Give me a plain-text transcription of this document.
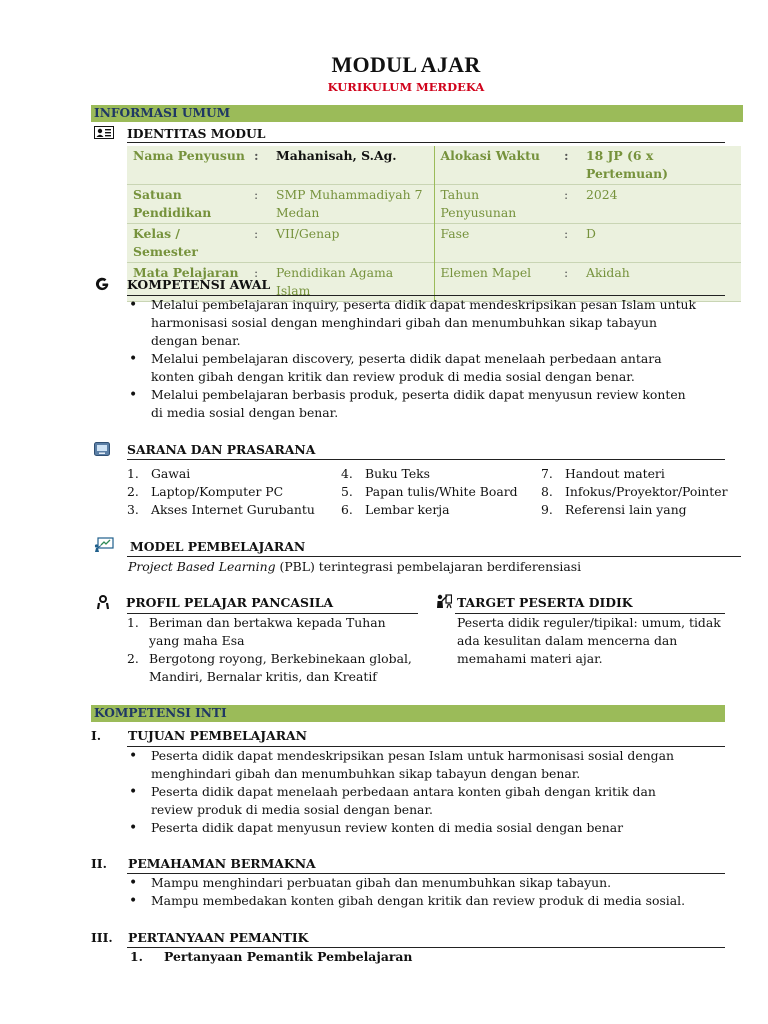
MODUL AJAR
KURIKULUM MERDEKA
INFORMASI UMUM
IDENTITAS MODUL
Nama Penyusun	:	Mahanisah, S.Ag.	Alokasi Waktu	:	18 JP (6 x Pertemuan)
Satuan Pendidikan	:	SMP Muhammadiyah 7 Medan	Tahun Penyusunan	:	2024
Kelas / Semester	:	VII/Genap	Fase	:	D
Mata Pelajaran	:	Pendidikan Agama Islam	Elemen Mapel	:	Akidah
KOMPETENSI AWAL
• Melalui pembelajaran inquiry, peserta didik dapat mendeskripsikan pesan Islam untuk harmonisasi sosial dengan menghindari gibah dan menumbuhkan sikap tabayun dengan benar.
• Melalui pembelajaran discovery, peserta didik dapat menelaah perbedaan antara konten gibah dengan kritik dan review produk di media sosial dengan benar.
• Melalui pembelajaran berbasis produk, peserta didik dapat menyusun review konten di media sosial dengan benar.
SARANA DAN PRASARANA
1. Gawai
2. Laptop/Komputer PC
3. Akses Internet Gurubantu
4. Buku Teks
5. Papan tulis/White Board
6. Lembar kerja
7. Handout materi
8. Infokus/Proyektor/Pointer
9. Referensi lain yang
MODEL PEMBELAJARAN
Project Based Learning (PBL) terintegrasi pembelajaran berdiferensiasi
PROFIL PELAJAR PANCASILA
1. Beriman dan bertakwa kepada Tuhan yang maha Esa
2. Bergotong royong, Berkebinekaan global, Mandiri, Bernalar kritis, dan Kreatif
TARGET PESERTA DIDIK
Peserta didik reguler/tipikal: umum, tidak ada kesulitan dalam mencerna dan memahami materi ajar.
KOMPETENSI INTI
I. TUJUAN PEMBELAJARAN
• Peserta didik dapat mendeskripsikan pesan Islam untuk harmonisasi sosial dengan menghindari gibah dan menumbuhkan sikap tabayun dengan benar.
• Peserta didik dapat menelaah perbedaan antara konten gibah dengan kritik dan review produk di media sosial dengan benar.
• Peserta didik dapat menyusun review konten di media sosial dengan benar
II. PEMAHAMAN BERMAKNA
• Mampu menghindari perbuatan gibah dan menumbuhkan sikap tabayun.
• Mampu membedakan konten gibah dengan kritik dan review produk di media sosial.
III. PERTANYAAN PEMANTIK
1. Pertanyaan Pemantik Pembelajaran
